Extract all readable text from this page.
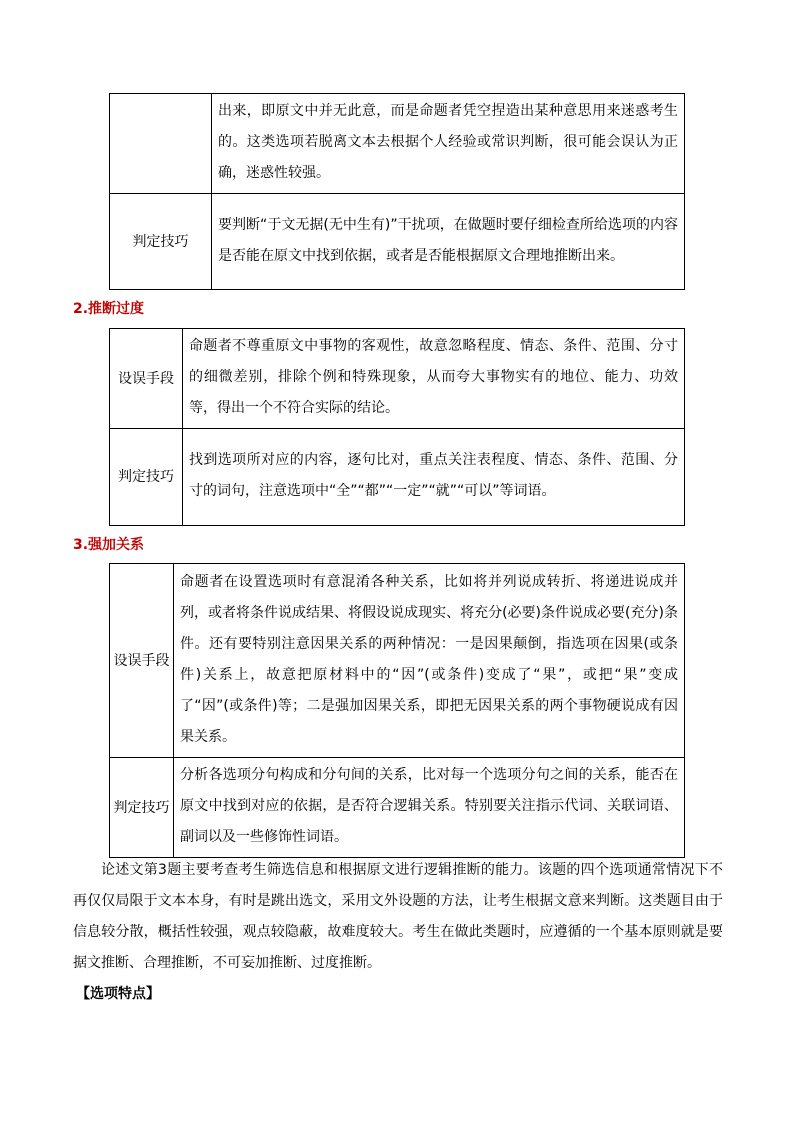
	出来，即原文中并无此意，而是命题者凭空捏造出某种意思用来迷惑考生的。这类选项若脱离文本去根据个人经验或常识判断，很可能会误认为正确，迷惑性较强。
判定技巧	要判断“于文无据(无中生有)”干扰项，在做题时要仔细检查所给选项的内容是否能在原文中找到依据，或者是否能根据原文合理地推断出来。

2.推断过度

设误手段	命题者不尊重原文中事物的客观性，故意忽略程度、情态、条件、范围、分寸的细微差别，排除个例和特殊现象，从而夸大事物实有的地位、能力、功效等，得出一个不符合实际的结论。
判定技巧	找到选项所对应的内容，逐句比对，重点关注表程度、情态、条件、范围、分寸的词句，注意选项中“全”“都”“一定”“就”“可以”等词语。

3.强加关系

设误手段	命题者在设置选项时有意混淆各种关系，比如将并列说成转折、将递进说成并列，或者将条件说成结果、将假设说成现实、将充分(必要)条件说成必要(充分)条件。还有要特别注意因果关系的两种情况：一是因果颠倒，指选项在因果(或条件)关系上，故意把原材料中的“因”(或条件)变成了“果”，或把“果”变成了“因”(或条件)等；二是强加因果关系，即把无因果关系的两个事物硬说成有因果关系。
判定技巧	分析各选项分句构成和分句间的关系，比对每一个选项分句之间的关系，能否在原文中找到对应的依据，是否符合逻辑关系。特别要关注指示代词、关联词语、副词以及一些修饰性词语。

论述文第3题主要考查考生筛选信息和根据原文进行逻辑推断的能力。该题的四个选项通常情况下不再仅仅局限于文本本身，有时是跳出选文，采用文外设题的方法，让考生根据文意来判断。这类题目由于信息较分散，概括性较强，观点较隐蔽，故难度较大。考生在做此类题时，应遵循的一个基本原则就是要据文推断、合理推断，不可妄加推断、过度推断。

【选项特点】
